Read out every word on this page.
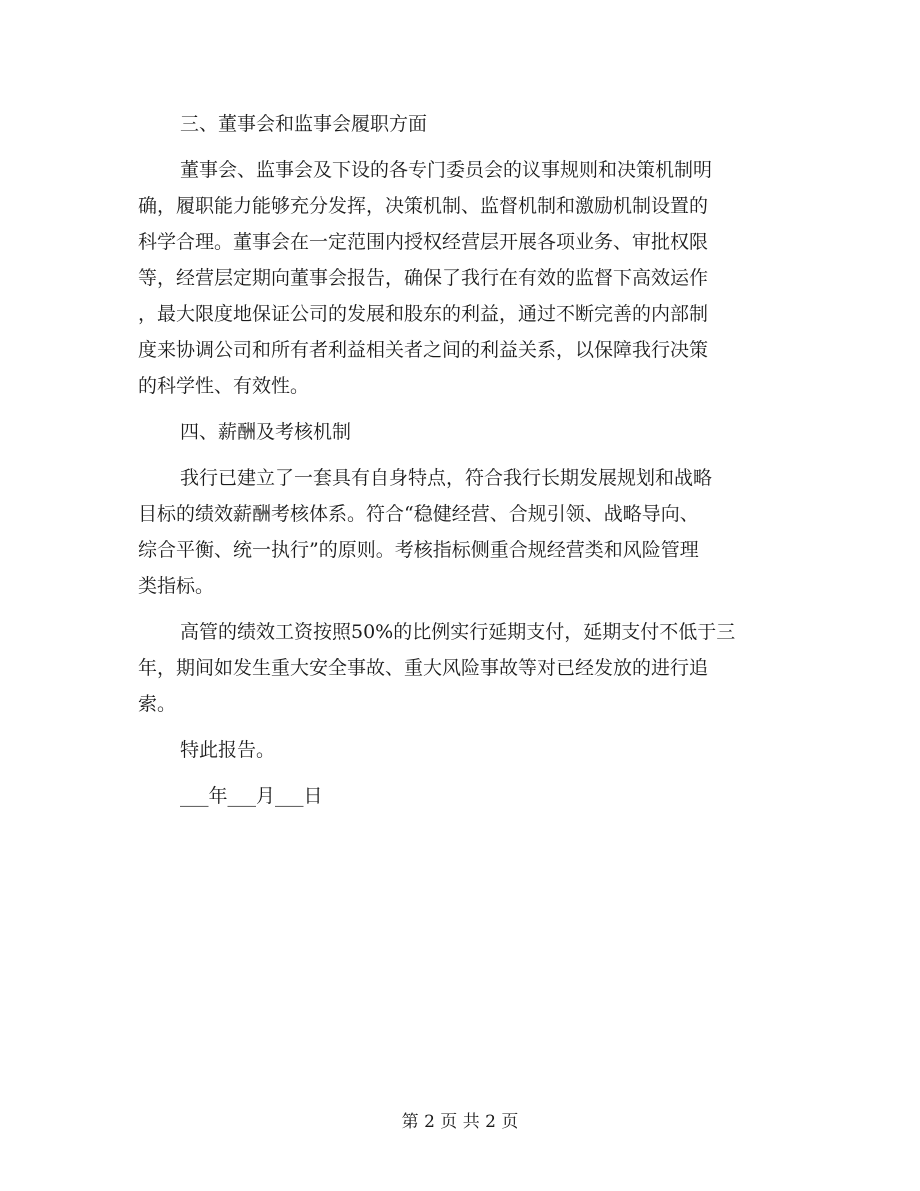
三、董事会和监事会履职方面

董事会、监事会及下设的各专门委员会的议事规则和决策机制明
确，履职能力能够充分发挥，决策机制、监督机制和激励机制设置的
科学合理。董事会在一定范围内授权经营层开展各项业务、审批权限
等，经营层定期向董事会报告，确保了我行在有效的监督下高效运作
，最大限度地保证公司的发展和股东的利益，通过不断完善的内部制
度来协调公司和所有者利益相关者之间的利益关系，以保障我行决策
的科学性、有效性。

四、薪酬及考核机制

我行已建立了一套具有自身特点，符合我行长期发展规划和战略
目标的绩效薪酬考核体系。符合“稳健经营、合规引领、战略导向、
综合平衡、统一执行”的原则。考核指标侧重合规经营类和风险管理
类指标。

高管的绩效工资按照50%的比例实行延期支付，延期支付不低于三
年，期间如发生重大安全事故、重大风险事故等对已经发放的进行追
索。

特此报告。

___年___月___日

第 2 页 共 2 页
